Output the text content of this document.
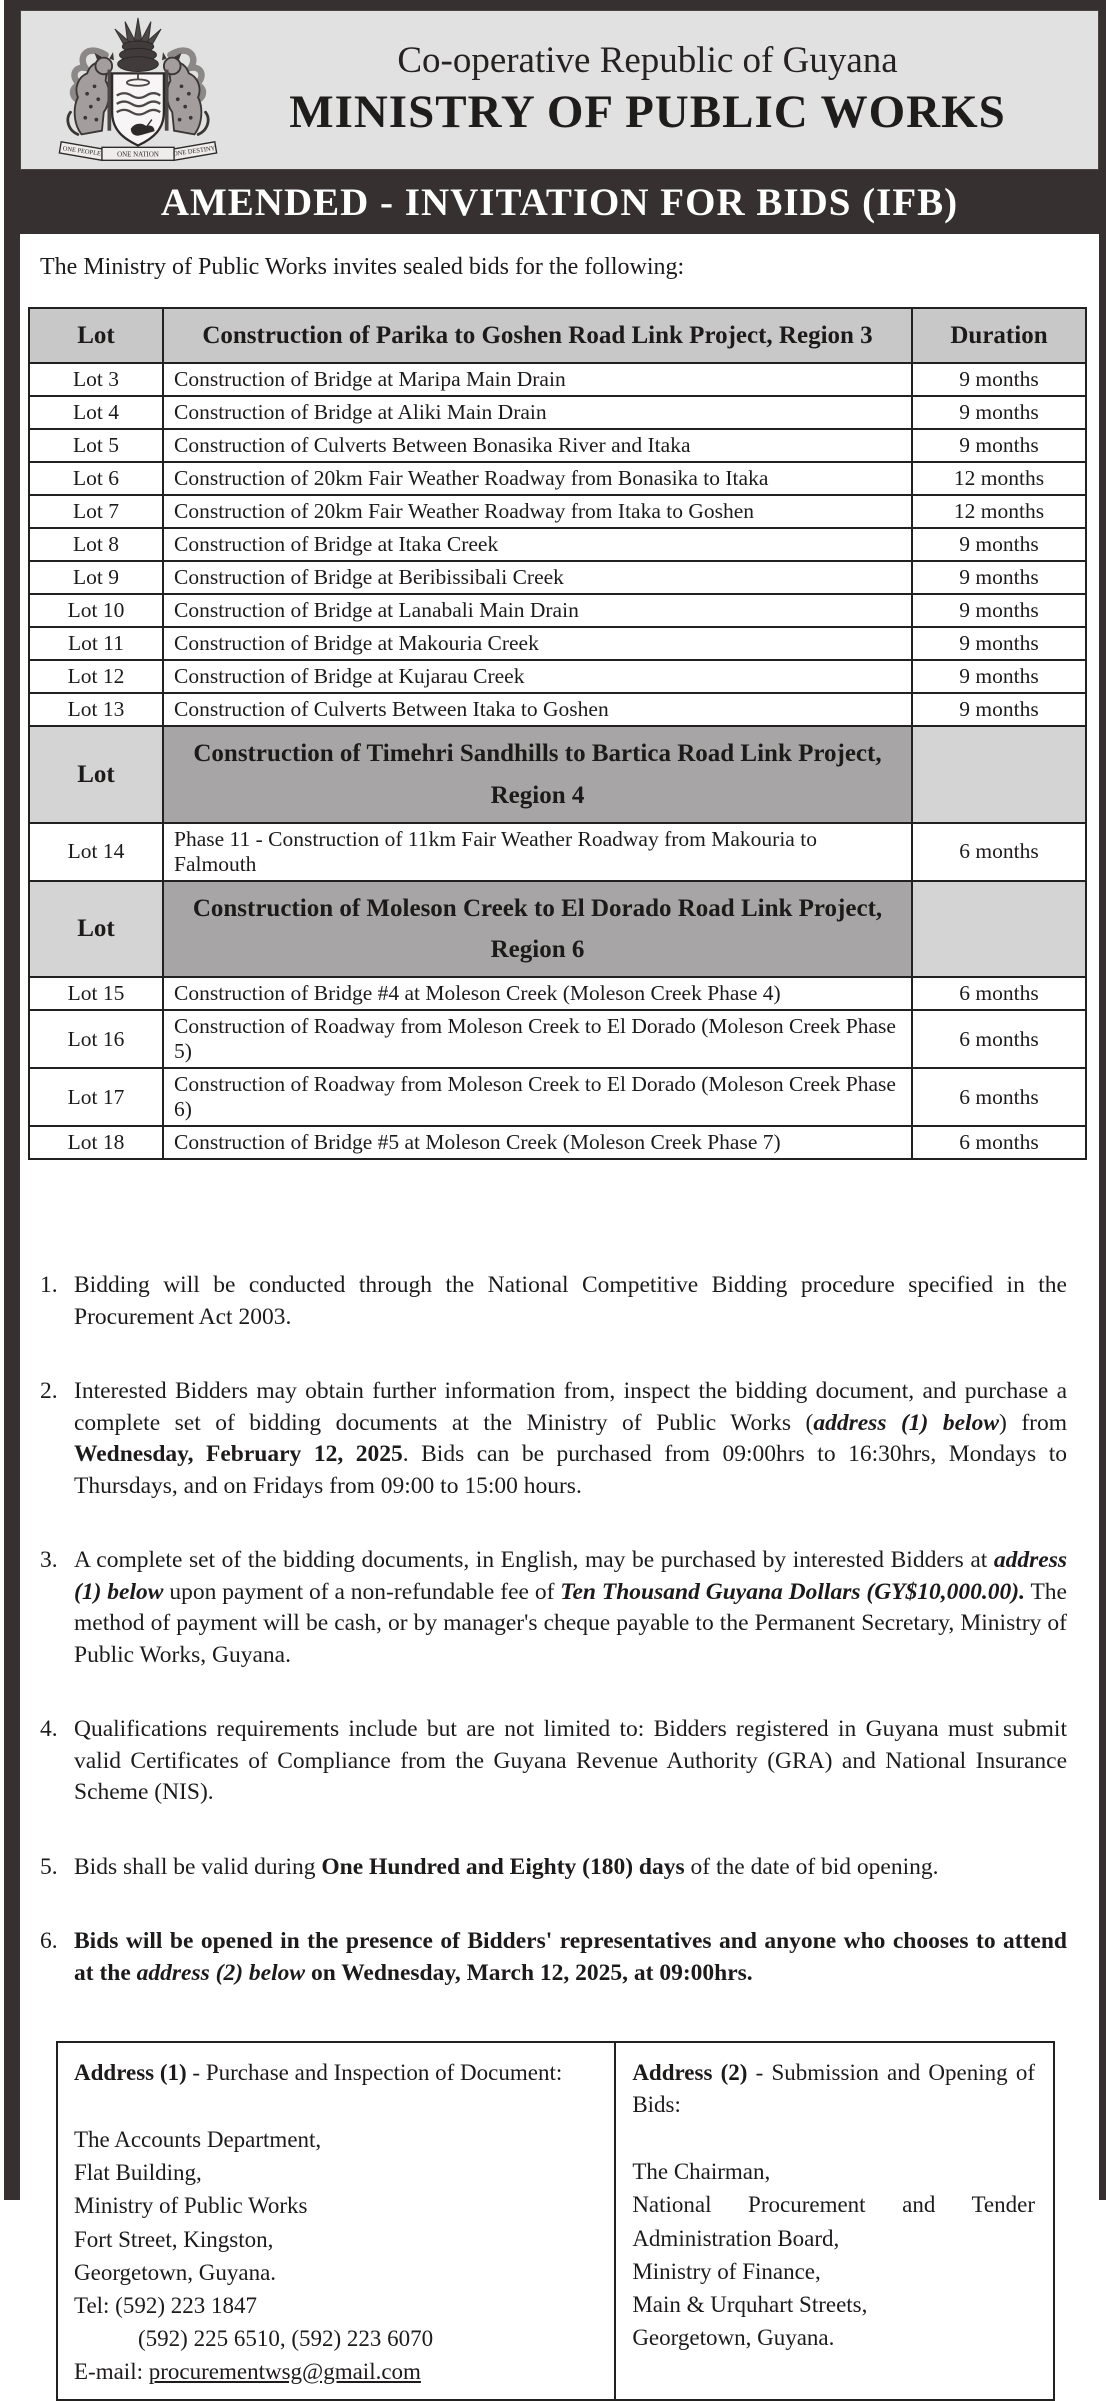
ONE PEOPLE ONE NATION ONE DESTINY
Co-operative Republic of Guyana
MINISTRY OF PUBLIC WORKS
AMENDED - INVITATION FOR BIDS (IFB)
The Ministry of Public Works invites sealed bids for the following:
Lot	Construction of Parika to Goshen Road Link Project, Region 3	Duration
Lot 3	Construction of Bridge at Maripa Main Drain	9 months
Lot 4	Construction of Bridge at Aliki Main Drain	9 months
Lot 5	Construction of Culverts Between Bonasika River and Itaka	9 months
Lot 6	Construction of 20km Fair Weather Roadway from Bonasika to Itaka	12 months
Lot 7	Construction of 20km Fair Weather Roadway from Itaka to Goshen	12 months
Lot 8	Construction of Bridge at Itaka Creek	9 months
Lot 9	Construction of Bridge at Beribissibali Creek	9 months
Lot 10	Construction of Bridge at Lanabali Main Drain	9 months
Lot 11	Construction of Bridge at Makouria Creek	9 months
Lot 12	Construction of Bridge at Kujarau Creek	9 months
Lot 13	Construction of Culverts Between Itaka to Goshen	9 months
Lot	Construction of Timehri Sandhills to Bartica Road Link Project, Region 4	
Lot 14	Phase 11 - Construction of 11km Fair Weather Roadway from Makouria to Falmouth	6 months
Lot	Construction of Moleson Creek to El Dorado Road Link Project, Region 6	
Lot 15	Construction of Bridge #4 at Moleson Creek (Moleson Creek Phase 4)	6 months
Lot 16	Construction of Roadway from Moleson Creek to El Dorado (Moleson Creek Phase 5)	6 months
Lot 17	Construction of Roadway from Moleson Creek to El Dorado (Moleson Creek Phase 6)	6 months
Lot 18	Construction of Bridge #5 at Moleson Creek (Moleson Creek Phase 7)	6 months
1. Bidding will be conducted through the National Competitive Bidding procedure specified in the Procurement Act 2003.
2. Interested Bidders may obtain further information from, inspect the bidding document, and purchase a complete set of bidding documents at the Ministry of Public Works (address (1) below) from Wednesday, February 12, 2025. Bids can be purchased from 09:00hrs to 16:30hrs, Mondays to Thursdays, and on Fridays from 09:00 to 15:00 hours.
3. A complete set of the bidding documents, in English, may be purchased by interested Bidders at address (1) below upon payment of a non-refundable fee of Ten Thousand Guyana Dollars (GY$10,000.00). The method of payment will be cash, or by manager's cheque payable to the Permanent Secretary, Ministry of Public Works, Guyana.
4. Qualifications requirements include but are not limited to: Bidders registered in Guyana must submit valid Certificates of Compliance from the Guyana Revenue Authority (GRA) and National Insurance Scheme (NIS).
5. Bids shall be valid during One Hundred and Eighty (180) days of the date of bid opening.
6. Bids will be opened in the presence of Bidders' representatives and anyone who chooses to attend at the address (2) below on Wednesday, March 12, 2025, at 09:00hrs.
Address (1) - Purchase and Inspection of Document:
The Accounts Department,
Flat Building,
Ministry of Public Works
Fort Street, Kingston,
Georgetown, Guyana.
Tel: (592) 223 1847
(592) 225 6510, (592) 223 6070
E-mail: procurementwsg@gmail.com

Address (2) - Submission and Opening of Bids:
The Chairman,
National Procurement and Tender Administration Board,
Ministry of Finance,
Main & Urquhart Streets,
Georgetown, Guyana.
